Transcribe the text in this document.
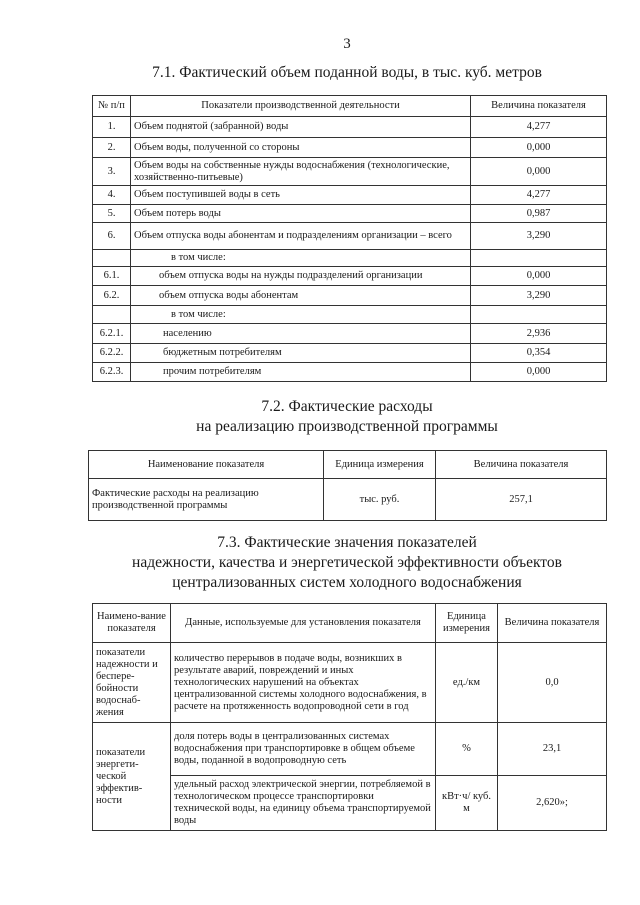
3
7.1. Фактический объем поданной воды, в тыс. куб. метров
№ п/п	Показатели производственной деятельности	Величина показателя
1.	Объем поднятой (забранной) воды	4,277
2.	Объем воды, полученной со стороны	0,000
3.	Объем воды на собственные нужды водоснабжения (технологические, хозяйственно-питьевые)	0,000
4.	Объем поступившей воды в сеть	4,277
5.	Объем потерь воды	0,987
6.	Объем отпуска воды абонентам и подразделениям организации – всего	3,290
	в том числе:	
6.1.	объем отпуска воды на нужды подразделений организации	0,000
6.2.	объем отпуска воды абонентам	3,290
	в том числе:	
6.2.1.	населению	2,936
6.2.2.	бюджетным потребителям	0,354
6.2.3.	прочим потребителям	0,000
7.2. Фактические расходы
на реализацию производственной программы
Наименование показателя	Единица измерения	Величина показателя
Фактические расходы на реализацию производственной программы	тыс. руб.	257,1
7.3. Фактические значения показателей
надежности, качества и энергетической эффективности объектов
централизованных систем холодного водоснабжения
Наимено-вание показателя	Данные, используемые для установления показателя	Единица измерения	Величина показателя
показатели надежности и беспере-бойности водоснаб-жения	количество перерывов в подаче воды, возникших в результате аварий, повреждений и иных технологических нарушений на объектах централизованной системы холодного водоснабжения, в расчете на протяженность водопроводной сети в год	ед./км	0,0
показатели энергети-ческой эффектив-ности	доля потерь воды в централизованных системах водоснабжения при транспортировке в общем объеме воды, поданной в водопроводную сеть	%	23,1
	удельный расход электрической энергии, потребляемой в технологическом процессе транспортировки технической воды, на единицу объема транспортируемой воды	кВт·ч/ куб. м	2,620»;
